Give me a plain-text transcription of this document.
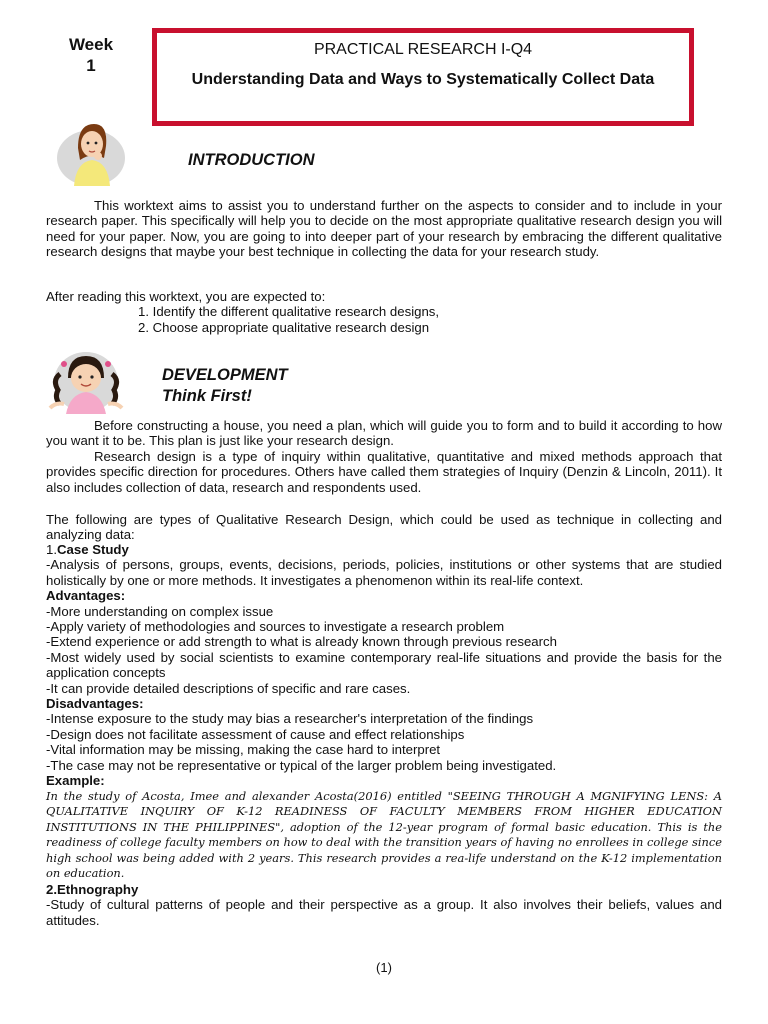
Week
1
PRACTICAL RESEARCH I-Q4
Understanding Data and Ways to Systematically Collect Data
INTRODUCTION
This worktext aims to assist you to understand further on the aspects to consider and to include in your research paper. This specifically will help you to decide on the most appropriate qualitative research design you will need for your paper. Now, you are going to into deeper part of your research by embracing the different qualitative research designs that maybe your best technique in collecting the data for your research study.
After reading this worktext, you are expected to:
1. Identify the different qualitative research designs,
2. Choose appropriate qualitative research design
DEVELOPMENT
Think First!
Before constructing a house, you need a plan, which will guide you to form and to build it according to how you want it to be. This plan is just like your research design.
Research design is a type of inquiry within qualitative, quantitative and mixed methods approach that provides specific direction for procedures. Others have called them strategies of Inquiry (Denzin & Lincoln, 2011). It also includes collection of data, research and respondents used.
The following are types of Qualitative Research Design, which could be used as technique in collecting and analyzing data:
1.Case Study
-Analysis of persons, groups, events, decisions, periods, policies, institutions or other systems that are studied holistically by one or more methods. It investigates a phenomenon within its real-life context.
Advantages:
-More understanding on complex issue
-Apply variety of methodologies and sources to investigate a research problem
-Extend experience or add strength to what is already known through previous research
-Most widely used by social scientists to examine contemporary real-life situations and provide the basis for the application concepts
-It can provide detailed descriptions of specific and rare cases.
Disadvantages:
-Intense exposure to the study may bias a researcher's interpretation of the findings
-Design does not facilitate assessment of cause and effect relationships
-Vital information may be missing, making the case hard to interpret
-The case may not be representative or typical of the larger problem being investigated.
Example:
In the study of Acosta, Imee and alexander Acosta(2016) entitled "SEEING THROUGH A MGNIFYING LENS: A QUALITATIVE INQUIRY OF K-12 READINESS OF FACULTY MEMBERS FROM HIGHER EDUCATION INSTITUTIONS IN THE PHILIPPINES", adoption of the 12-year program of formal basic education. This is the readiness of college faculty members on how to deal with the transition years of having no enrollees in college since high school was being added with 2 years. This research provides a rea-life understand on the K-12 implementation on education.
2.Ethnography
-Study of cultural patterns of people and their perspective as a group. It also involves their beliefs, values and attitudes.
(1)
